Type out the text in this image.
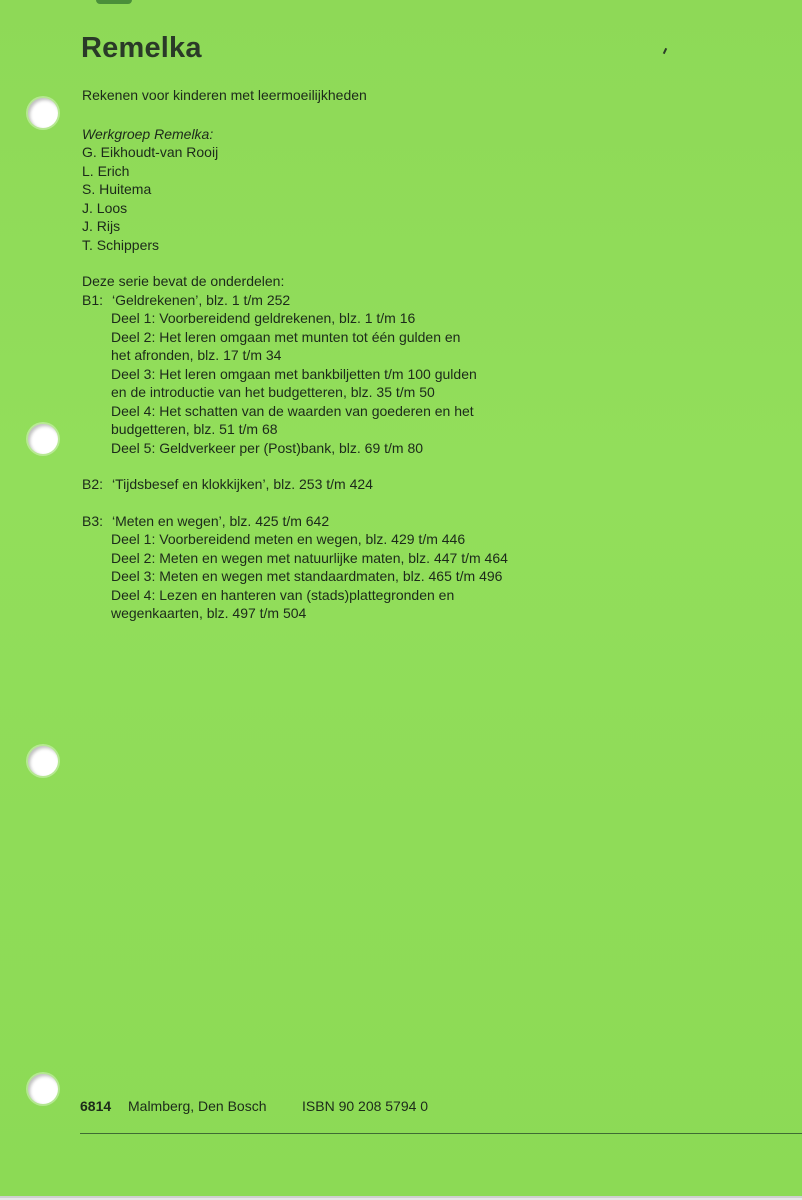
Remelka
Rekenen voor kinderen met leermoeilijkheden
Werkgroep Remelka:
G. Eikhoudt-van Rooij
L. Erich
S. Huitema
J. Loos
J. Rijs
T. Schippers
Deze serie bevat de onderdelen:
B1: ‘Geldrekenen’, blz. 1 t/m 252
Deel 1: Voorbereidend geldrekenen, blz. 1 t/m 16
Deel 2: Het leren omgaan met munten tot één gulden en
het afronden, blz. 17 t/m 34
Deel 3: Het leren omgaan met bankbiljetten t/m 100 gulden
en de introductie van het budgetteren, blz. 35 t/m 50
Deel 4: Het schatten van de waarden van goederen en het
budgetteren, blz. 51 t/m 68
Deel 5: Geldverkeer per (Post)bank, blz. 69 t/m 80
B2: ‘Tijdsbesef en klokkijken’, blz. 253 t/m 424
B3: ‘Meten en wegen’, blz. 425 t/m 642
Deel 1: Voorbereidend meten en wegen, blz. 429 t/m 446
Deel 2: Meten en wegen met natuurlijke maten, blz. 447 t/m 464
Deel 3: Meten en wegen met standaardmaten, blz. 465 t/m 496
Deel 4: Lezen en hanteren van (stads)plattegronden en
wegenkaarten, blz. 497 t/m 504
6814	Malmberg, Den Bosch	ISBN 90 208 5794 0
